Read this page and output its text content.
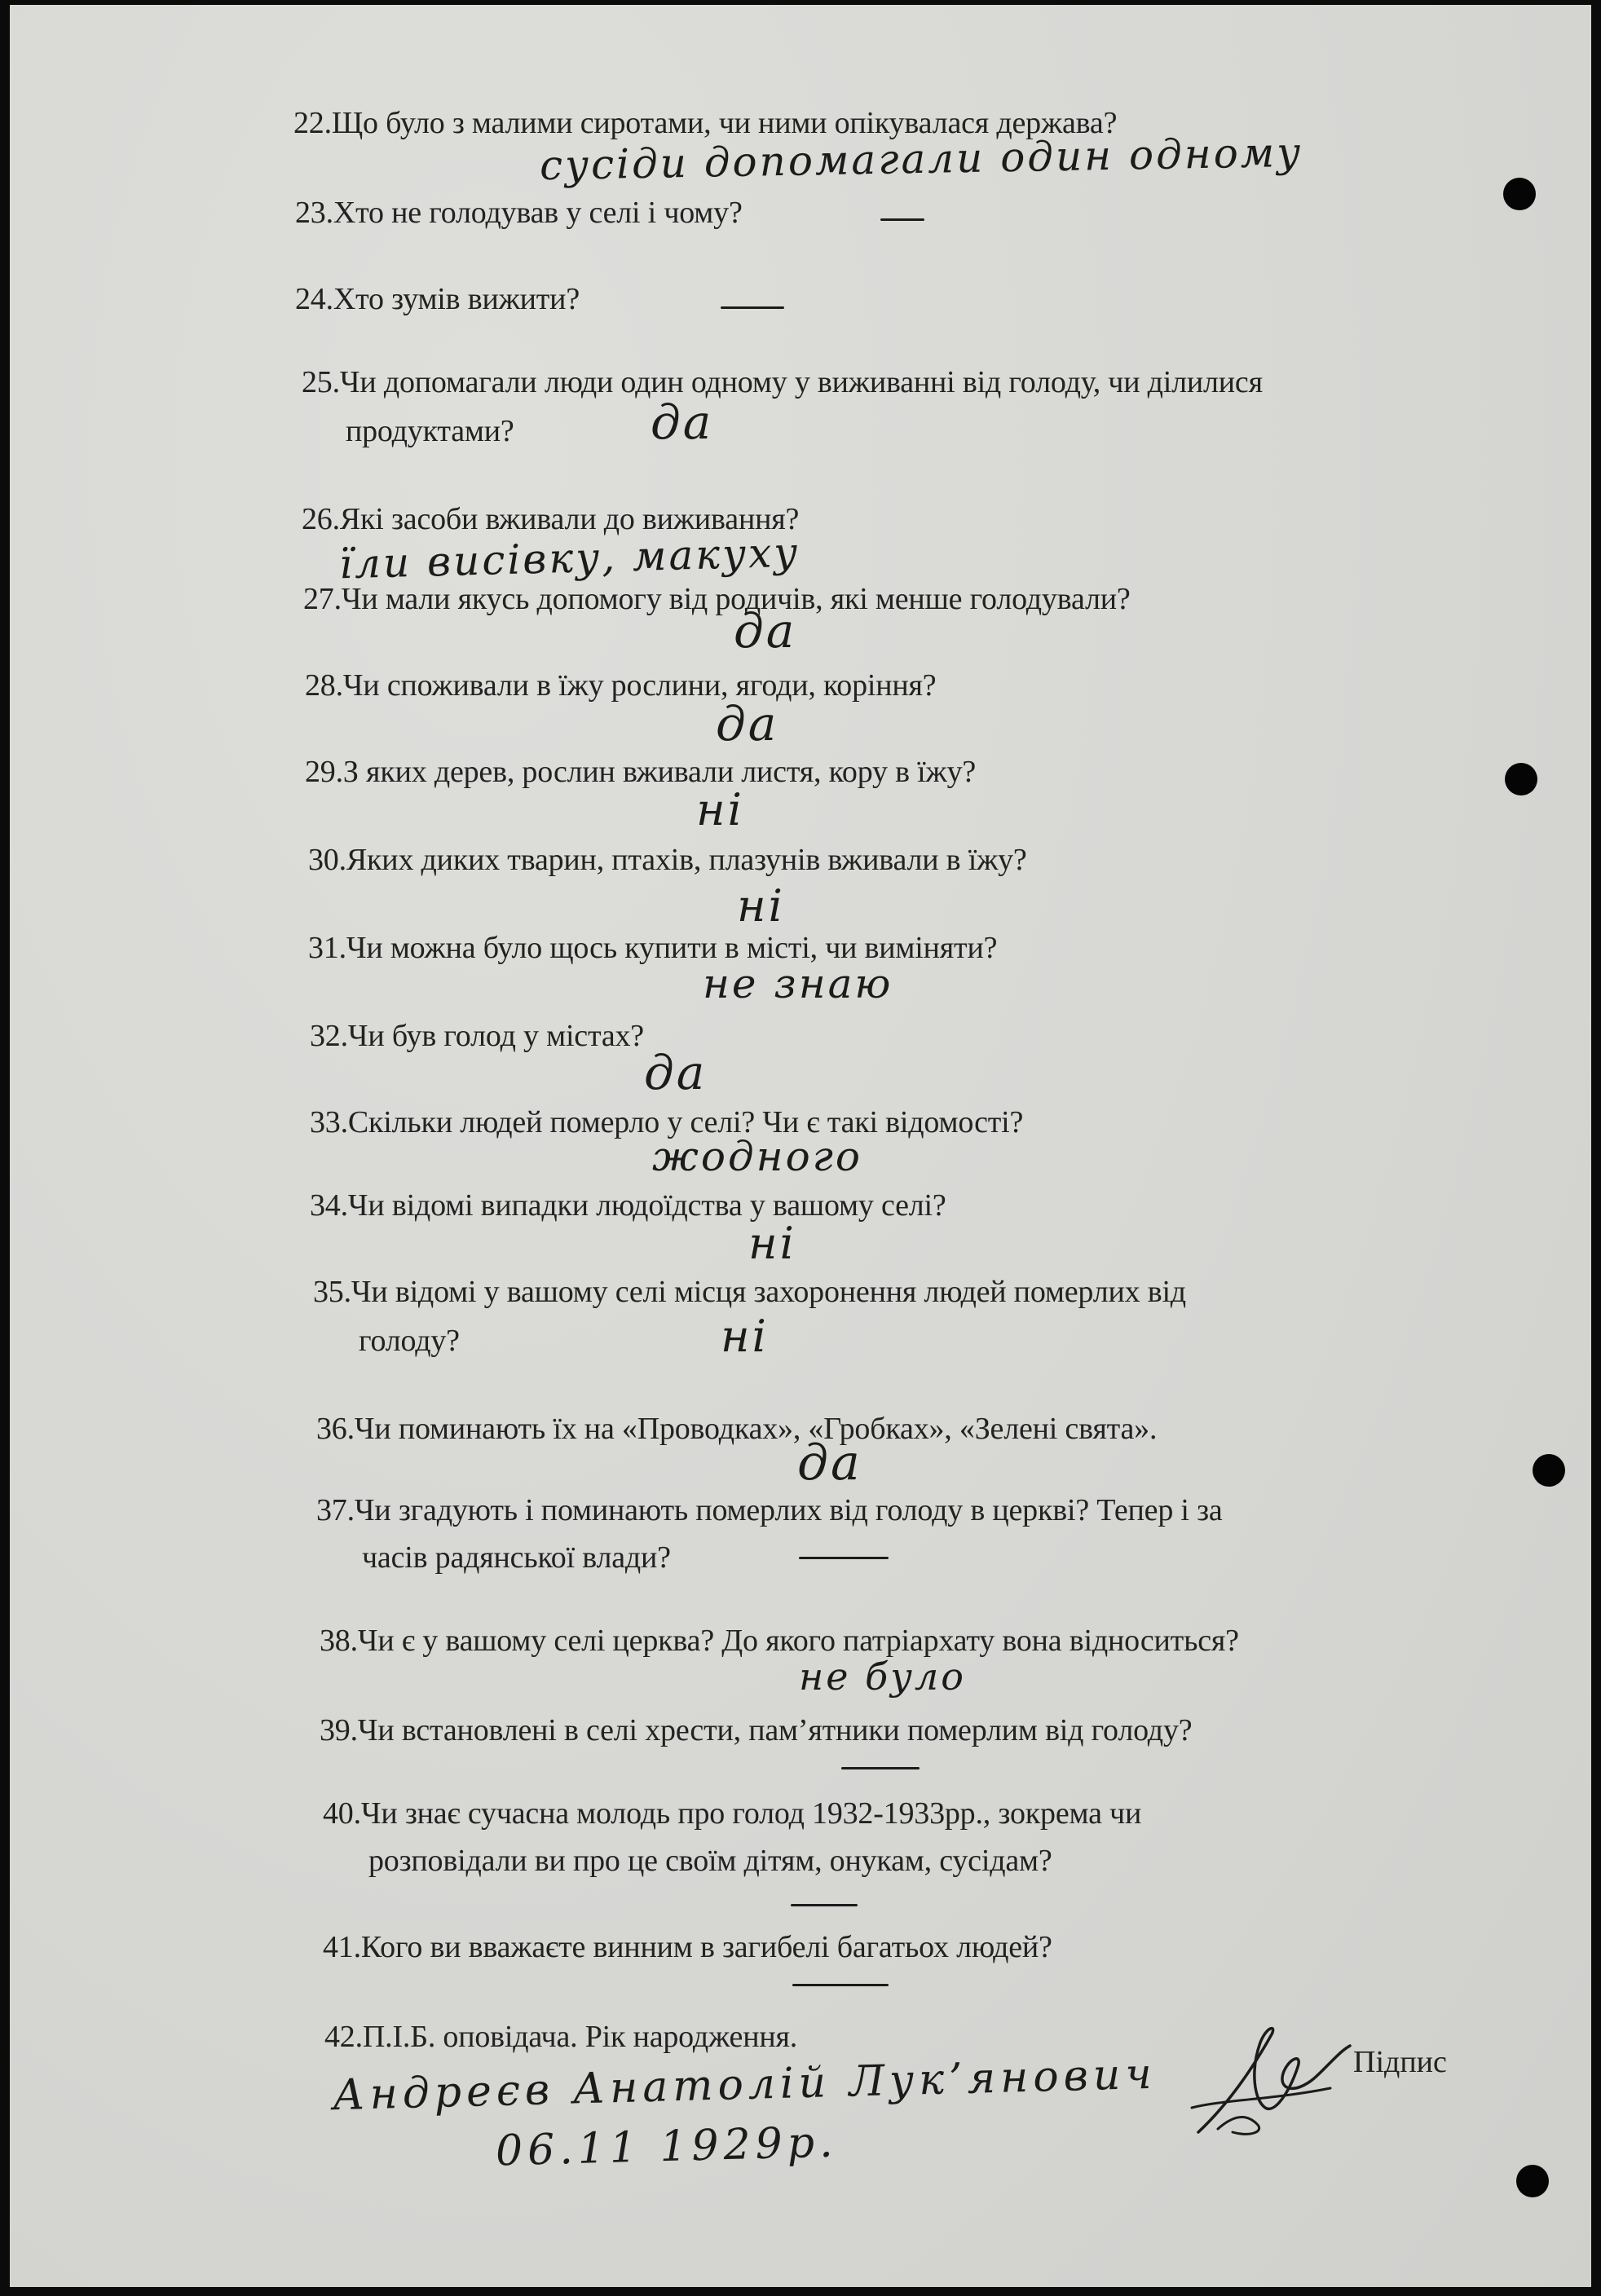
22.Що було з малими сиротами, чи ними опікувалася держава?
сусіди допомагали один одному
23.Хто не голодував у селі і чому?
24.Хто зумів вижити?
25.Чи допомагали люди один одному у виживанні від голоду, чи ділилися
продуктами?	да
26.Які засоби вживали до виживання?
їли висівку, макуху
27.Чи мали якусь допомогу від родичів, які менше голодували?
да
28.Чи споживали в їжу рослини, ягоди, коріння?
да
29.З яких дерев, рослин вживали листя, кору в їжу?
ні
30.Яких диких тварин, птахів, плазунів вживали в їжу?
ні
31.Чи можна було щось купити в місті, чи виміняти?
не знаю
32.Чи був голод у містах?
да
33.Скільки людей померло у селі? Чи є такі відомості?
жодного
34.Чи відомі випадки людоїдства у вашому селі?
ні
35.Чи відомі у вашому селі місця захоронення людей померлих від
голоду?	ні
36.Чи поминають їх на «Проводках», «Гробках», «Зелені свята».
да
37.Чи згадують і поминають померлих від голоду в церкві? Тепер і за
часів радянської влади?
38.Чи є у вашому селі церква? До якого патріархату вона відноситься?
не було
39.Чи встановлені в селі хрести, пам’ятники померлим від голоду?
40.Чи знає сучасна молодь про голод 1932-1933рр., зокрема чи
розповідали ви про це своїм дітям, онукам, сусідам?
41.Кого ви вважаєте винним в загибелі багатьох людей?
42.П.І.Б. оповідача. Рік народження.
Андреєв Анатолій Лук’янович
06.11 1929р.
Підпис
